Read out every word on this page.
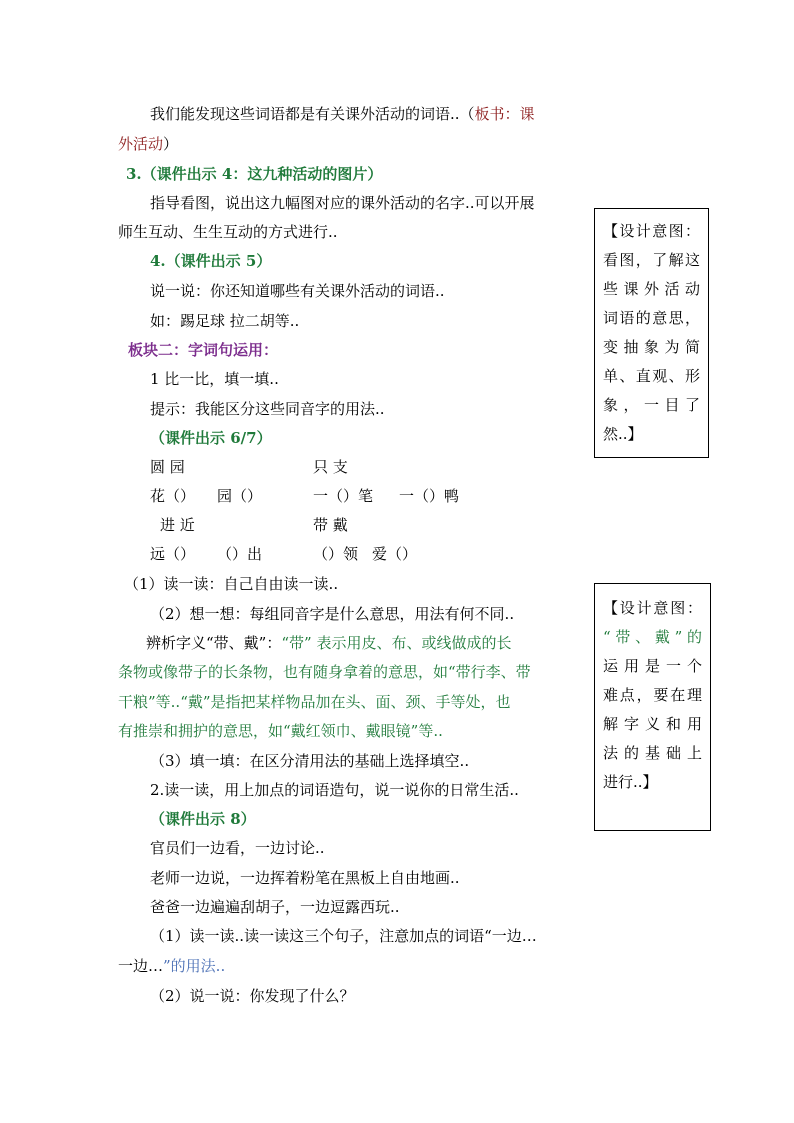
我们能发现这些词语都是有关课外活动的词语..（板书：课

外活动）

3.（课件出示 4：这九种活动的图片）

指导看图，说出这九幅图对应的课外活动的名字..可以开展

师生互动、生生互动的方式进行..

4.（课件出示 5）

说一说：你还知道哪些有关课外活动的词语..

如：踢足球 拉二胡等..

板块二：字词句运用：

1 比一比，填一填..

提示：我能区分这些同音字的用法..

（课件出示 6/7）

圆 园	只 支
花（） 园（）	一（）笔 一（）鸭
进 近	带 戴
远（） （）出	（）领 爱（）

（1）读一读：自己自由读一读..

（2）想一想：每组同音字是什么意思，用法有何不同..

辨析字义“带、戴”：“带” 表示用皮、布、或线做成的长

条物或像带子的长条物，也有随身拿着的意思，如“带行李、带

干粮”等..“戴”是指把某样物品加在头、面、颈、手等处，也

有推崇和拥护的意思，如“戴红领巾、戴眼镜”等..

（3）填一填：在区分清用法的基础上选择填空..

2.读一读，用上加点的词语造句，说一说你的日常生活..

（课件出示 8）

官员们一边看，一边讨论..

老师一边说，一边挥着粉笔在黑板上自由地画..

爸爸一边遍遍刮胡子，一边逗露西玩..

（1）读一读..读一读这三个句子，注意加点的词语“一边…

一边…”的用法..

（2）说一说：你发现了什么？

【设计意图：
看图，了解这
些课外活动
词语的意思，
变抽象为简
单、直观、形
象，一目了
然..】
【设计意图：
“带、戴”的
运用是一个
难点，要在理
解字义和用
法的基础上
进行..】
